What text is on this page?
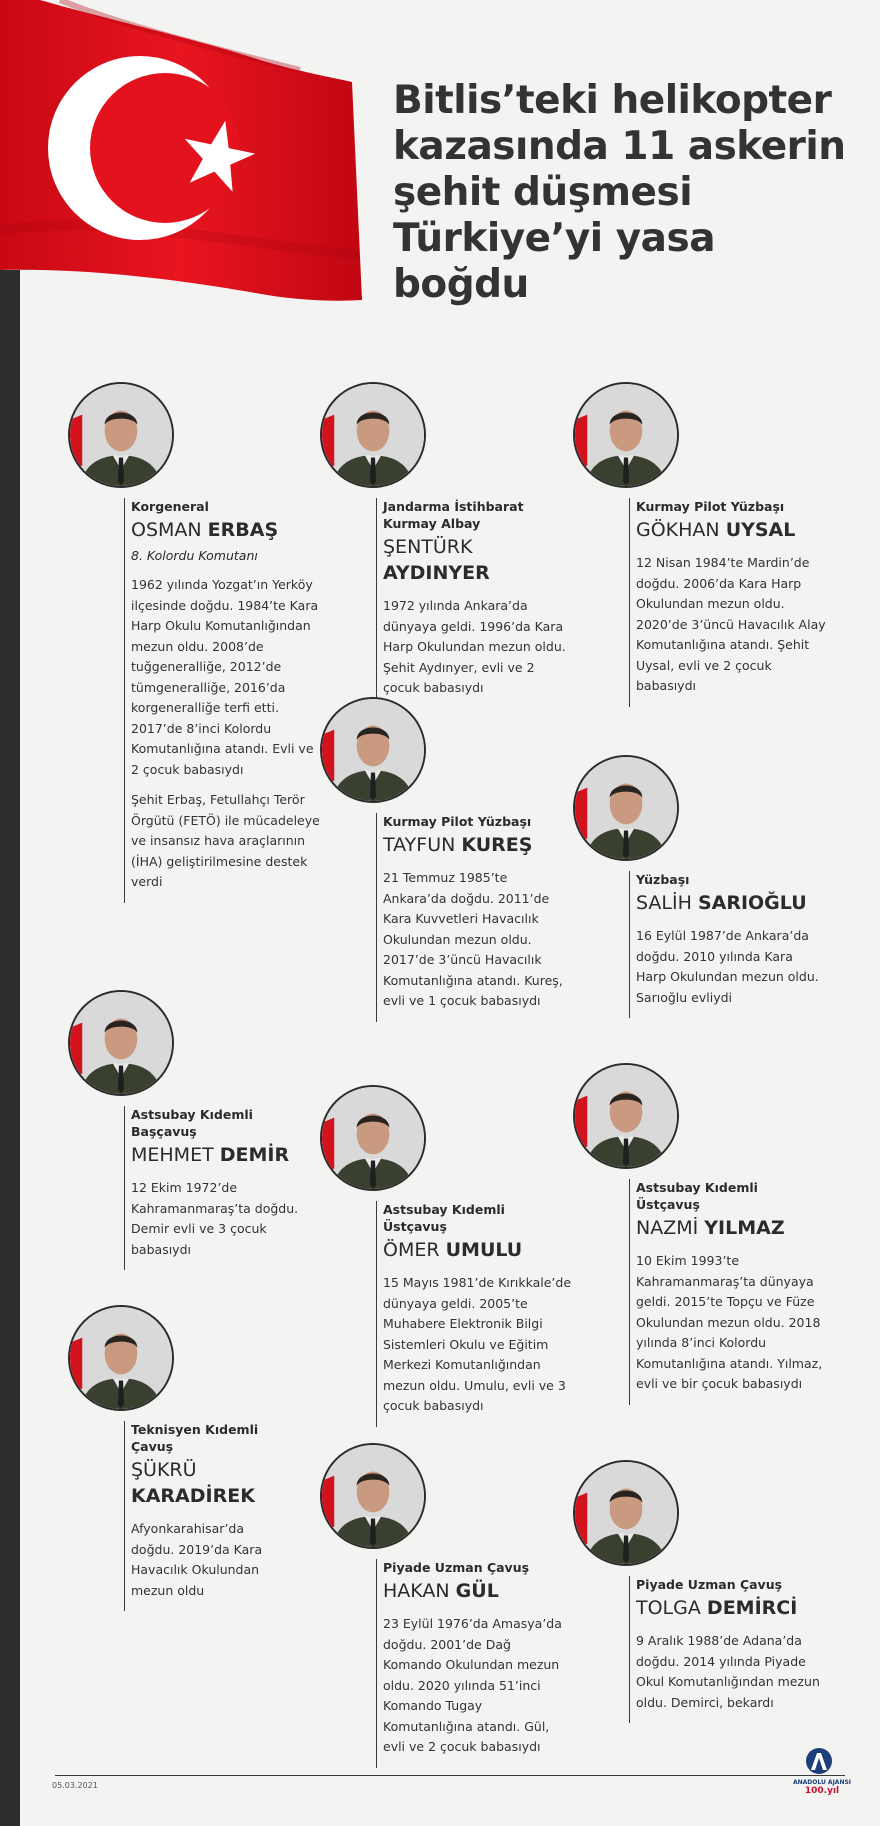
Bitlis’teki helikopter kazasında 11 askerin şehit düşmesi Türkiye’yi yasa boğdu
Korgeneral
OSMAN ERBAŞ
8. Kolordu Komutanı

1962 yılında Yozgat’ın Yerköy ilçesinde doğdu. 1984’te Kara Harp Okulu Komutanlığından mezun oldu. 2008’de tuğgeneralliğe, 2012’de tümgeneralliğe, 2016’da korgeneralliğe terfi etti. 2017’de 8’inci Kolordu Komutanlığına atandı. Evli ve 2 çocuk babasıydı

Şehit Erbaş, Fetullahçı Terör Örgütü (FETÖ) ile mücadeleye ve insansız hava araçlarının (İHA) geliştirilmesine destek verdi

Jandarma İstihbarat Kurmay Albay
ŞENTÜRK AYDINYER

1972 yılında Ankara’da dünyaya geldi. 1996’da Kara Harp Okulundan mezun oldu. Şehit Aydınyer, evli ve 2 çocuk babasıydı

Kurmay Pilot Yüzbaşı
GÖKHAN UYSAL

12 Nisan 1984’te Mardin’de doğdu. 2006’da Kara Harp Okulundan mezun oldu. 2020’de 3’üncü Havacılık Alay Komutanlığına atandı. Şehit Uysal, evli ve 2 çocuk babasıydı

Kurmay Pilot Yüzbaşı
TAYFUN KUREŞ

21 Temmuz 1985’te Ankara’da doğdu. 2011’de Kara Kuvvetleri Havacılık Okulundan mezun oldu. 2017’de 3’üncü Havacılık Komutanlığına atandı. Kureş, evli ve 1 çocuk babasıydı

Yüzbaşı
SALİH SARIOĞLU

16 Eylül 1987’de Ankara’da doğdu. 2010 yılında Kara Harp Okulundan mezun oldu. Sarıoğlu evliydi

Astsubay Kıdemli Başçavuş
MEHMET DEMİR

12 Ekim 1972’de Kahramanmaraş’ta doğdu. Demir evli ve 3 çocuk babasıydı

Astsubay Kıdemli Üstçavuş
ÖMER UMULU

15 Mayıs 1981’de Kırıkkale’de dünyaya geldi. 2005’te Muhabere Elektronik Bilgi Sistemleri Okulu ve Eğitim Merkezi Komutanlığından mezun oldu. Umulu, evli ve 3 çocuk babasıydı

Astsubay Kıdemli Üstçavuş
NAZMİ YILMAZ

10 Ekim 1993’te Kahramanmaraş’ta dünyaya geldi. 2015’te Topçu ve Füze Okulundan mezun oldu. 2018 yılında 8’inci Kolordu Komutanlığına atandı. Yılmaz, evli ve bir çocuk babasıydı

Teknisyen Kıdemli Çavuş
ŞÜKRÜ KARADİREK

Afyonkarahisar’da doğdu. 2019’da Kara Havacılık Okulundan mezun oldu

Piyade Uzman Çavuş
HAKAN GÜL

23 Eylül 1976’da Amasya’da doğdu. 2001’de Dağ Komando Okulundan mezun oldu. 2020 yılında 51’inci Komando Tugay Komutanlığına atandı. Gül, evli ve 2 çocuk babasıydı

Piyade Uzman Çavuş
TOLGA DEMİRCİ

9 Aralık 1988’de Adana’da doğdu. 2014 yılında Piyade Okul Komutanlığından mezun oldu. Demirci, bekardı

05.03.2021	ANADOLU AJANSI
100.yıl
